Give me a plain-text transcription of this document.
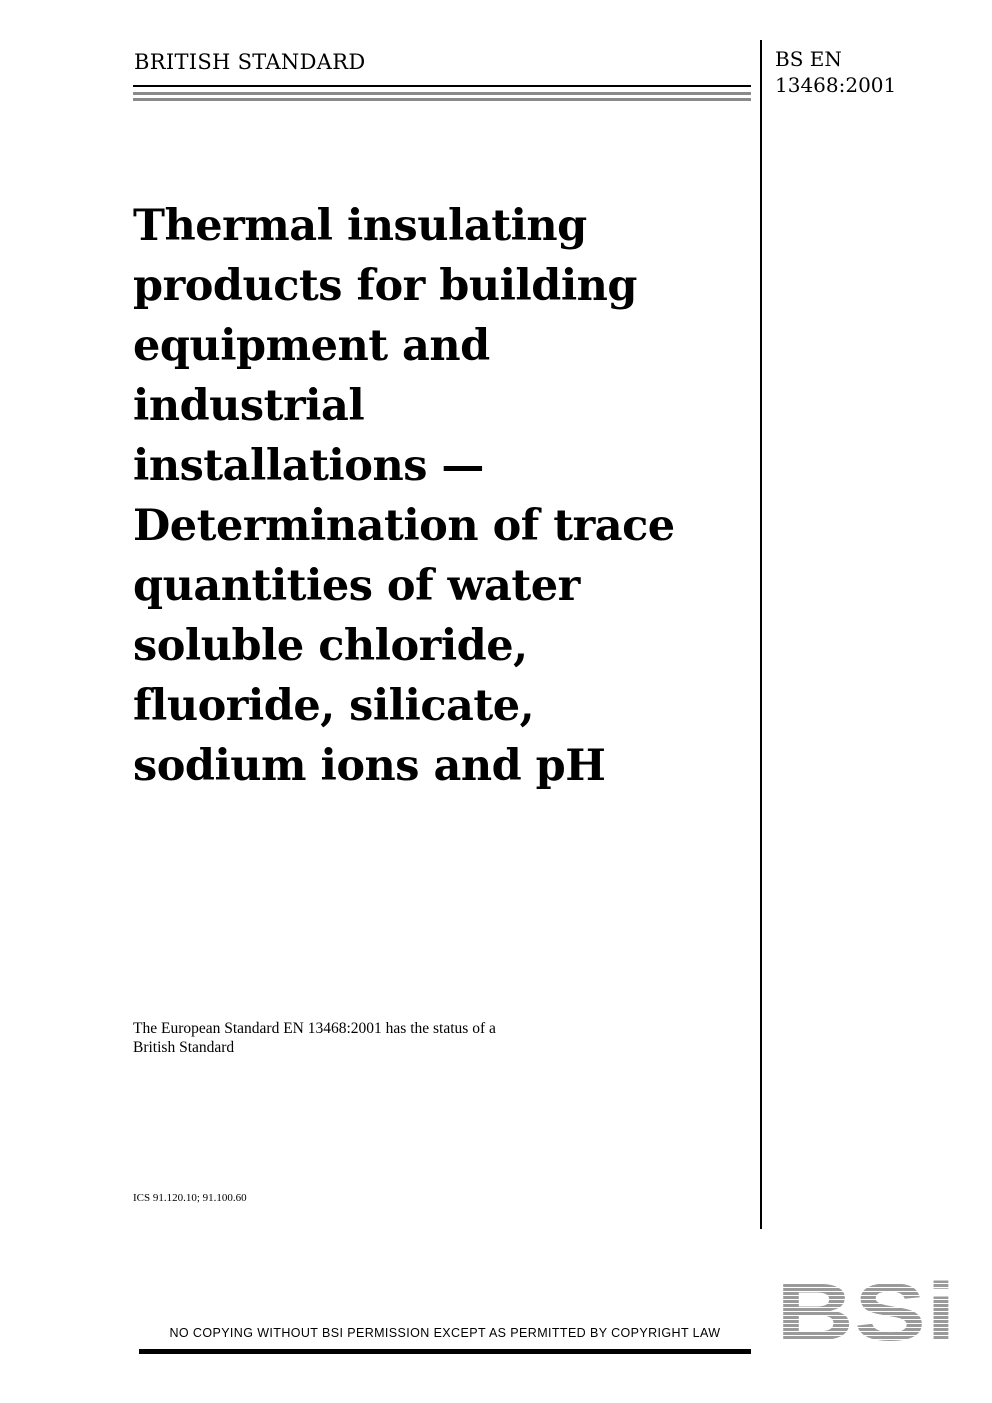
BRITISH STANDARD	BS EN
13468:2001
Thermal insulating
products for building
equipment and
industrial
installations —
Determination of trace
quantities of water
soluble chloride,
fluoride, silicate,
sodium ions and pH

The European Standard EN 13468:2001 has the status of a
British Standard

ICS 91.120.10; 91.100.60
NO COPYING WITHOUT BSI PERMISSION EXCEPT AS PERMITTED BY COPYRIGHT LAW BSi
